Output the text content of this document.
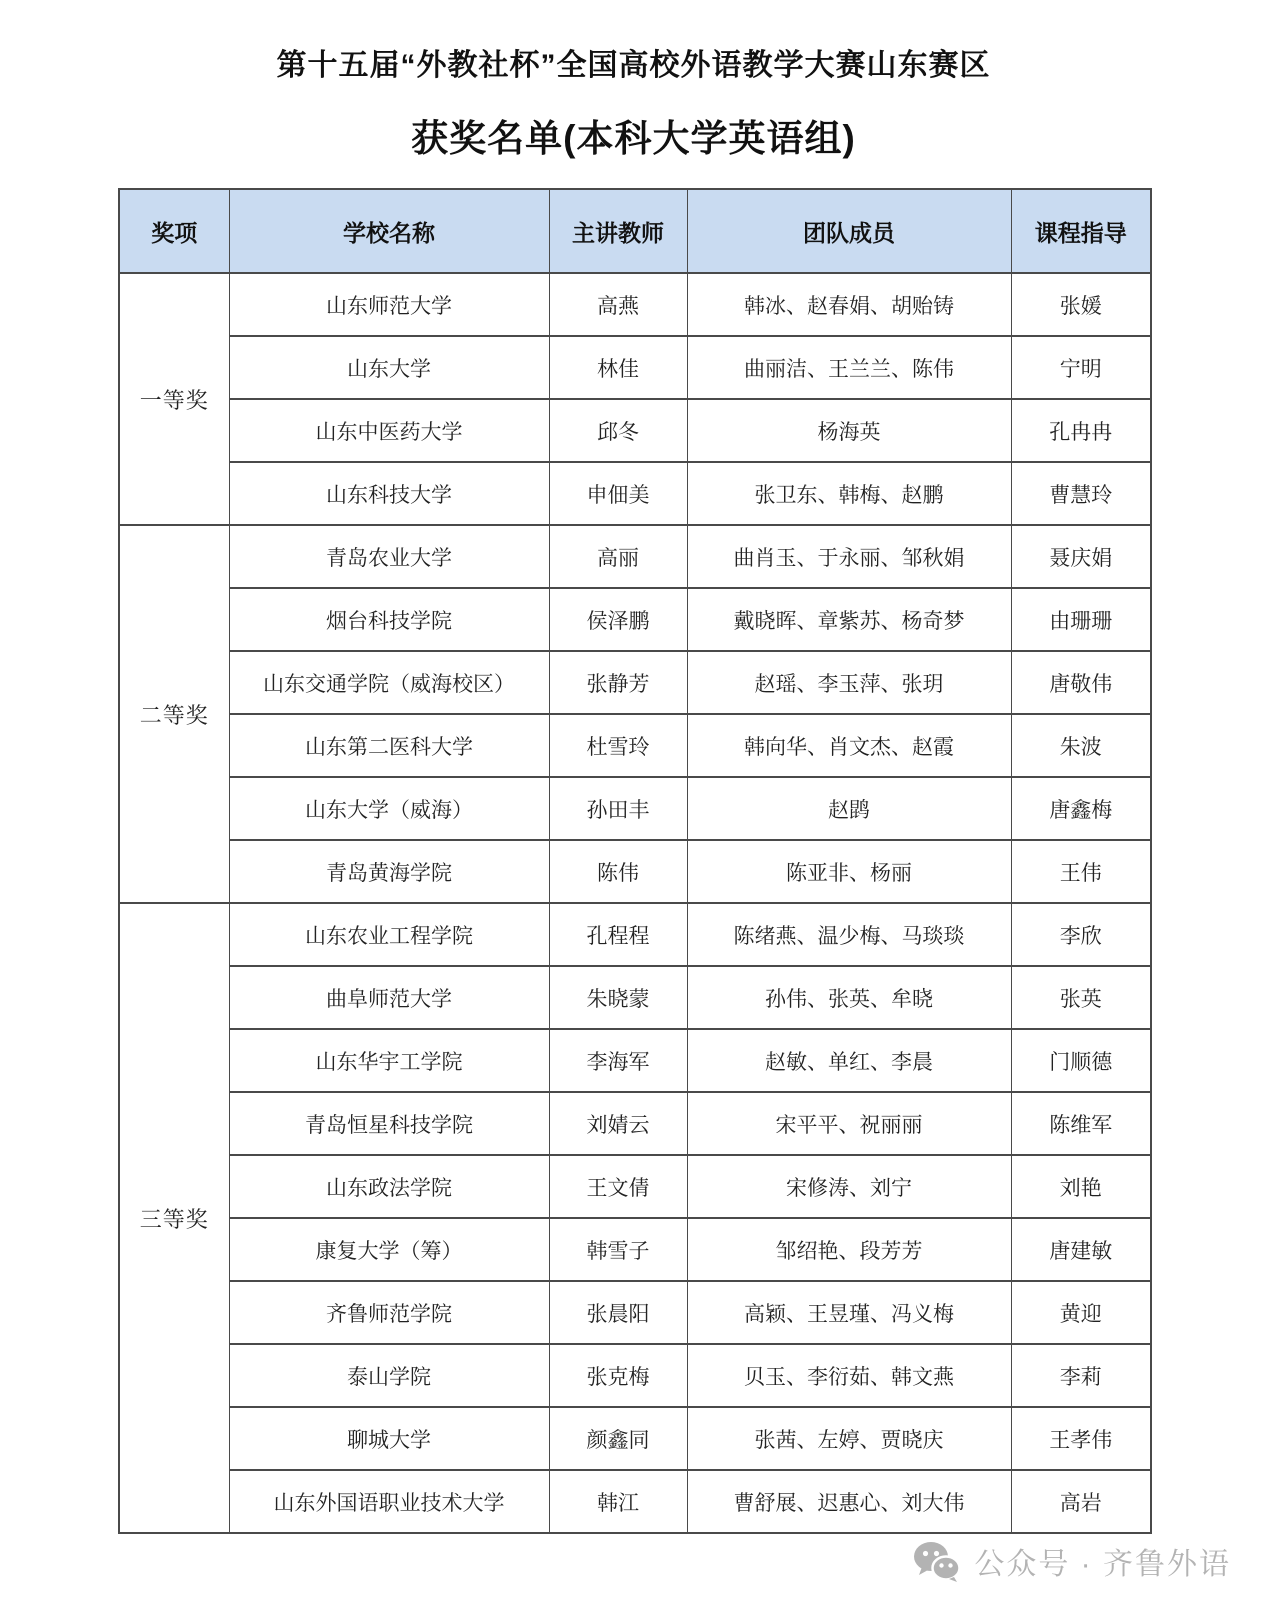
第十五届“外教社杯”全国高校外语教学大赛山东赛区
获奖名单(本科大学英语组)
奖项	学校名称	主讲教师	团队成员	课程指导
一等奖	山东师范大学	高燕	韩冰、赵春娟、胡贻铸	张媛
	山东大学	林佳	曲丽洁、王兰兰、陈伟	宁明
	山东中医药大学	邱冬	杨海英	孔冉冉
	山东科技大学	申佃美	张卫东、韩梅、赵鹏	曹慧玲
二等奖	青岛农业大学	高丽	曲肖玉、于永丽、邹秋娟	聂庆娟
	烟台科技学院	侯泽鹏	戴晓晖、章紫苏、杨奇梦	由珊珊
	山东交通学院（威海校区）	张静芳	赵瑶、李玉萍、张玥	唐敬伟
	山东第二医科大学	杜雪玲	韩向华、肖文杰、赵霞	朱波
	山东大学（威海）	孙田丰	赵鹍	唐鑫梅
	青岛黄海学院	陈伟	陈亚非、杨丽	王伟
三等奖	山东农业工程学院	孔程程	陈绪燕、温少梅、马琰琰	李欣
	曲阜师范大学	朱晓蒙	孙伟、张英、牟晓	张英
	山东华宇工学院	李海军	赵敏、单红、李晨	门顺德
	青岛恒星科技学院	刘婧云	宋平平、祝丽丽	陈维军
	山东政法学院	王文倩	宋修涛、刘宁	刘艳
	康复大学（筹）	韩雪子	邹绍艳、段芳芳	唐建敏
	齐鲁师范学院	张晨阳	高颖、王昱瑾、冯义梅	黄迎
	泰山学院	张克梅	贝玉、李衍茹、韩文燕	李莉
	聊城大学	颜鑫同	张茜、左婷、贾晓庆	王孝伟
	山东外国语职业技术大学	韩江	曹舒展、迟惠心、刘大伟	高岩
公众号 · 齐鲁外语
